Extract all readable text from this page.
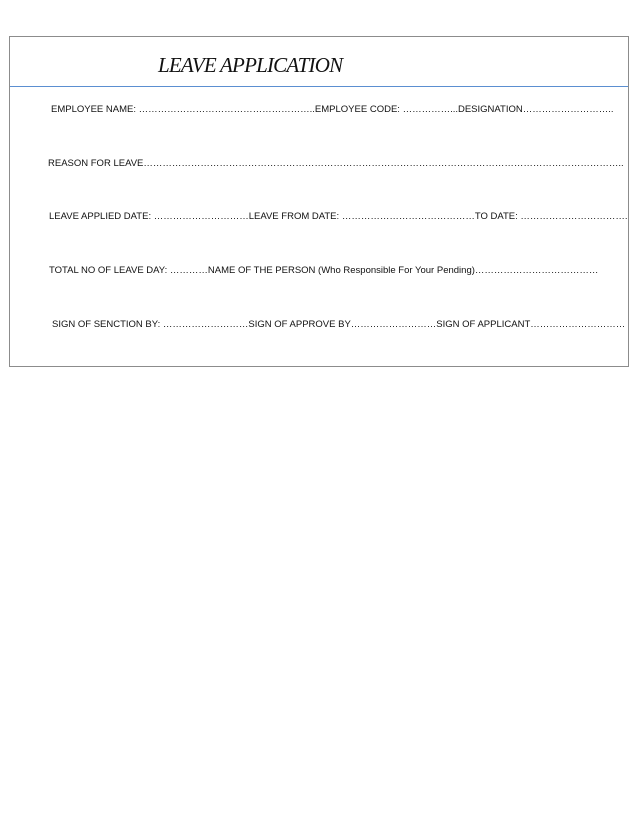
LEAVE APPLICATION
EMPLOYEE NAME: ………………………………………………..EMPLOYEE CODE: ……………...DESIGNATION………………………..
REASON FOR LEAVE……………………………………………………………………………………………………………………………………..
LEAVE APPLIED DATE: …………………………LEAVE FROM DATE: ……………………………………TO DATE: …………………………….
TOTAL NO OF LEAVE DAY: …………NAME OF THE PERSON (Who Responsible For Your Pending)…………………………………
SIGN OF SENCTION BY: ………………………SIGN OF APPROVE BY………………………SIGN OF APPLICANT…………………………
